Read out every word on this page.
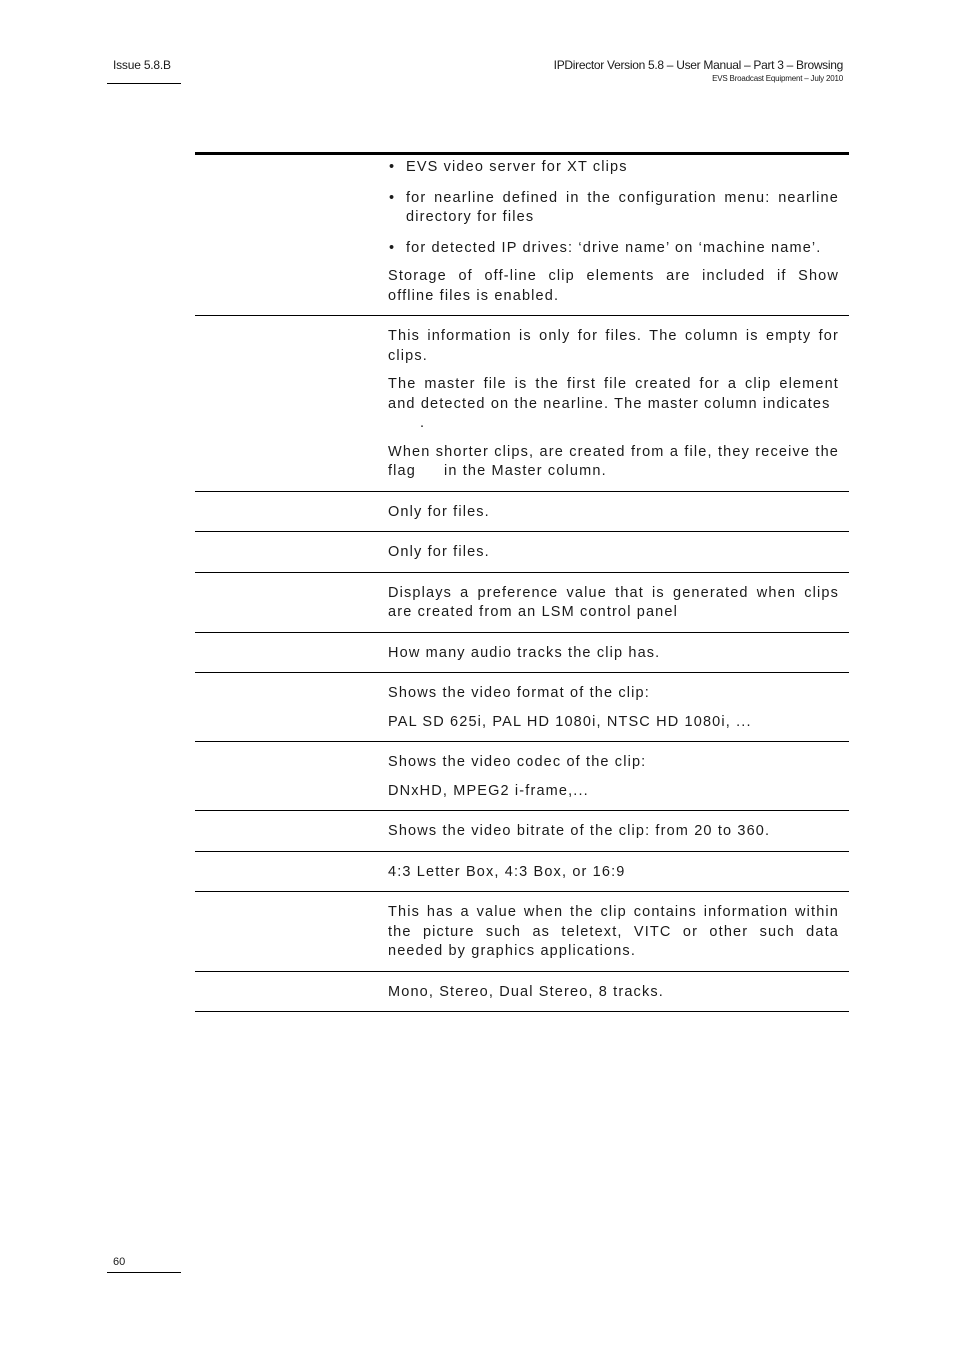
Issue 5.8.B	IPDirector Version 5.8 – User Manual – Part 3 – Browsing
EVS Broadcast Equipment – July 2010
• EVS video server for XT clips
• for nearline defined in the configuration menu: nearline directory for files
• for detected IP drives: ‘drive name’ on ‘machine name’.

Storage of off-line clip elements are included if Show offline files is enabled.

This information is only for files. The column is empty for clips.

The master file is the first file created for a clip element and detected on the nearline. The master column indicates

.

When shorter clips, are created from a file, they receive the flag in the Master column.

Only for files.

Only for files.

Displays a preference value that is generated when clips are created from an LSM control panel

How many audio tracks the clip has.

Shows the video format of the clip:

PAL SD 625i, PAL HD 1080i, NTSC HD 1080i, ...

Shows the video codec of the clip:

DNxHD, MPEG2 i-frame,...

Shows the video bitrate of the clip: from 20 to 360.

4:3 Letter Box, 4:3 Box, or 16:9

This has a value when the clip contains information within the picture such as teletext, VITC or other such data needed by graphics applications.

Mono, Stereo, Dual Stereo, 8 tracks.

60
